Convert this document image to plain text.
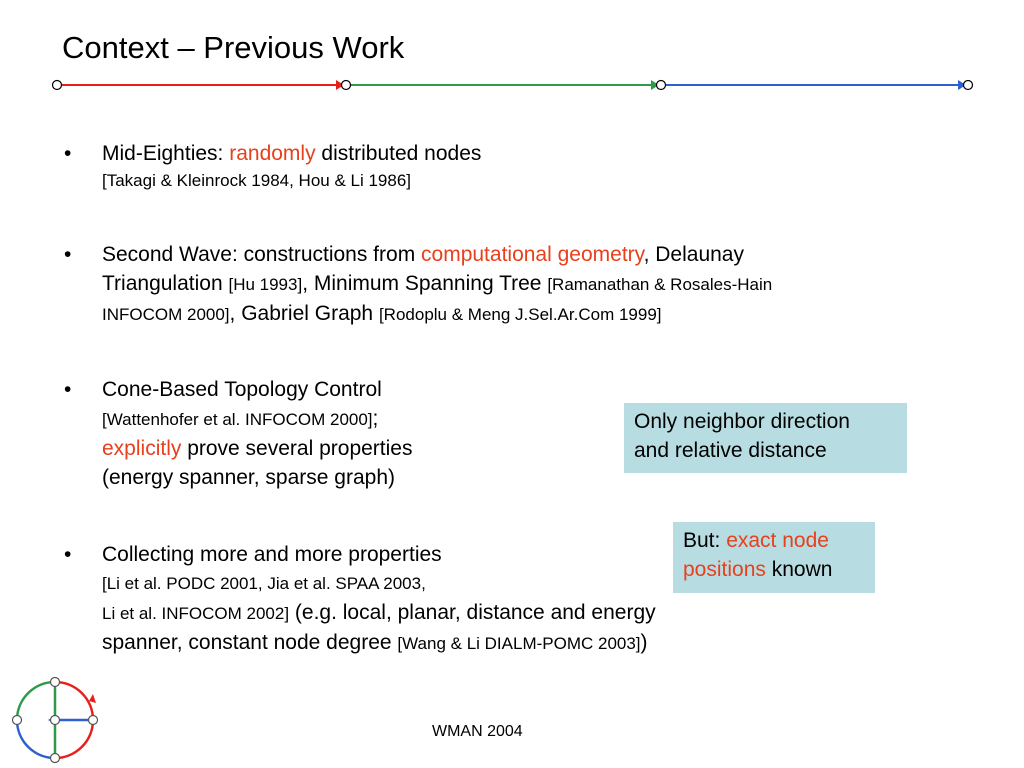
Context – Previous Work
• Mid-Eighties: randomly distributed nodes
[Takagi & Kleinrock 1984, Hou & Li 1986]
• Second Wave: constructions from computational geometry, Delaunay
Triangulation [Hu 1993], Minimum Spanning Tree [Ramanathan & Rosales-Hain
INFOCOM 2000], Gabriel Graph [Rodoplu & Meng J.Sel.Ar.Com 1999]
• Cone-Based Topology Control
[Wattenhofer et al. INFOCOM 2000];
explicitly prove several properties
(energy spanner, sparse graph)
• Collecting more and more properties
[Li et al. PODC 2001, Jia et al. SPAA 2003,
Li et al. INFOCOM 2002] (e.g. local, planar, distance and energy
spanner, constant node degree [Wang & Li DIALM-POMC 2003])
Only neighbor direction
and relative distance
But: exact node
positions known
WMAN 2004
